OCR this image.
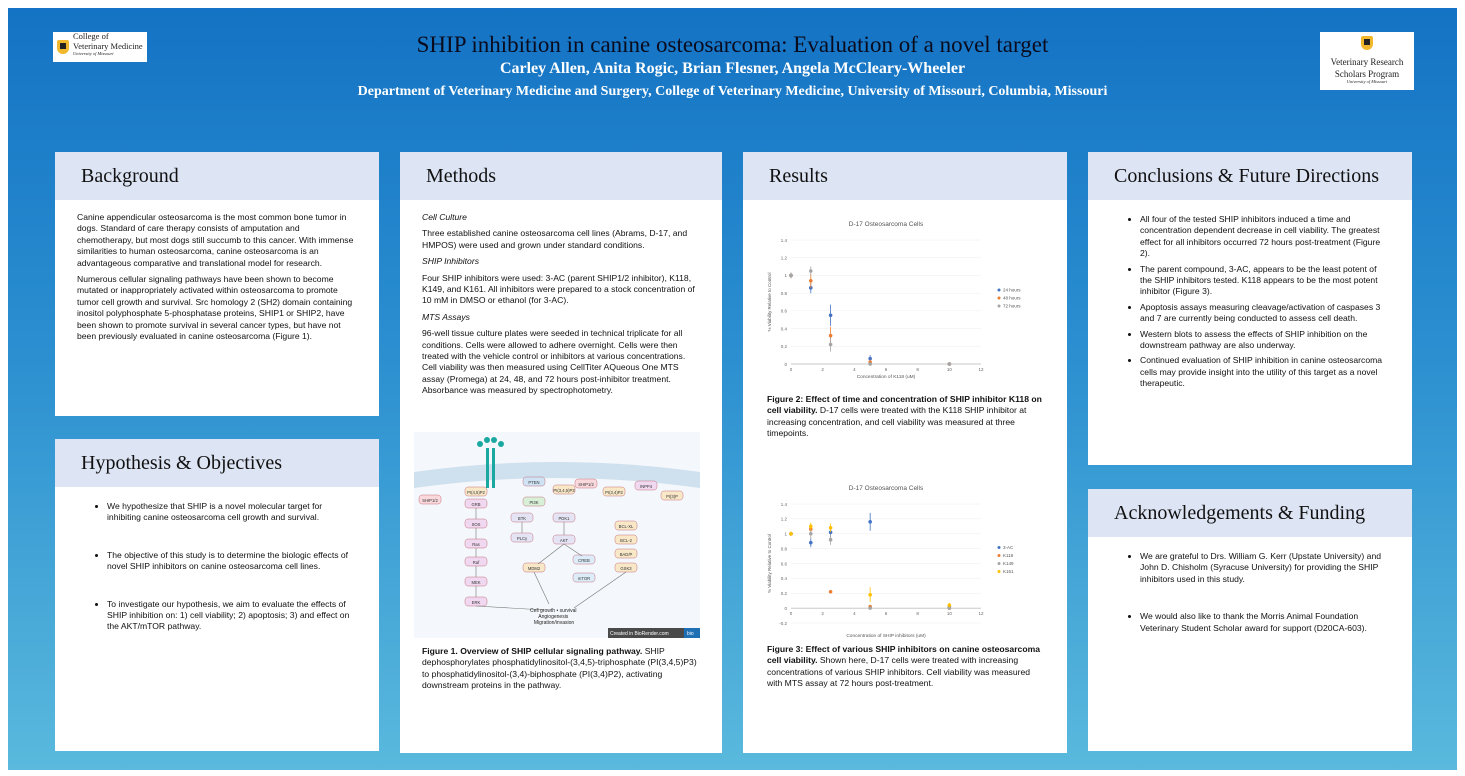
College of
Veterinary Medicine
University of Missouri
Veterinary Research
Scholars Program
University of Missouri
SHIP inhibition in canine osteosarcoma: Evaluation of a novel target
Carley Allen, Anita Rogic, Brian Flesner, Angela McCleary-Wheeler
Department of Veterinary Medicine and Surgery, College of Veterinary Medicine, University of Missouri, Columbia, Missouri
Background

Canine appendicular osteosarcoma is the most common bone tumor in dogs. Standard of care therapy consists of amputation and chemotherapy, but most dogs still succumb to this cancer. With immense similarities to human osteosarcoma, canine osteosarcoma is an advantageous comparative and translational model for research.

Numerous cellular signaling pathways have been shown to become mutated or inappropriately activated within osteosarcoma to promote tumor cell growth and survival. Src homology 2 (SH2) domain containing inositol polyphosphate 5-phosphatase proteins, SHIP1 or SHIP2, have been shown to promote survival in several cancer types, but have not been previously evaluated in canine osteosarcoma (Figure 1).

Hypothesis & Objectives
• We hypothesize that SHIP is a novel molecular target for inhibiting canine osteosarcoma cell growth and survival.
• The objective of this study is to determine the biologic effects of novel SHIP inhibitors on canine osteosarcoma cell lines.
• To investigate our hypothesis, we aim to evaluate the effects of SHIP inhibition on: 1) cell viability; 2) apoptosis; 3) and effect on the AKT/mTOR pathway.
Methods

Cell Culture

Three established canine osteosarcoma cell lines (Abrams, D-17, and HMPOS) were used and grown under standard conditions.

SHIP Inhibitors

Four SHIP inhibitors were used: 3-AC (parent SHIP1/2 inhibitor), K118, K149, and K161. All inhibitors were prepared to a stock concentration of 10 mM in DMSO or ethanol (for 3-AC).

MTS Assays

96-well tissue culture plates were seeded in technical triplicate for all conditions. Cells were allowed to adhere overnight. Cells were then treated with the vehicle control or inhibitors at various concentrations. Cell viability was then measured using CellTiter AQueous One MTS assay (Promega) at 24, 48, and 72 hours post-inhibitor treatment. Absorbance was measured by spectrophotometry.

SHIP1/2
PI(4,5)P2
PTEN
PI(3,4,5)P3
PI3K
SHIP1/2
PI(3,4)P2
INPP4
PI(3)P
GRB
SOS
Ras
Raf
MEK
ERK
BTK
PLCγ
PDK1
AKT
MDM2
CREB
mTOR
BCL-XL
BCL-2
BAD/P
GSK3
Created in BioRender.com	bio
Cell growth • survival Angiogenesis Migration/invasion
Figure 1. Overview of SHIP cellular signaling pathway. SHIP dephosphorylates phosphatidylinositol-(3,4,5)-triphosphate (PI(3,4,5)P3) to phosphatidylinositol-(3,4)-biphosphate (PI(3,4)P2), activating downstream proteins in the pathway.
Results
D-17 Osteosarcoma Cells
0
0.2
0.4
0.6
0.8
1
1.2
1.4
0	2	4	6	8	10	12
Concentration of K118 (uM)
% Viability Relative to Control	24 hours
48 hours
72 hours
Figure 2: Effect of time and concentration of SHIP inhibitor K118 on cell viability. D-17 cells were treated with the K118 SHIP inhibitor at increasing concentration, and cell viability was measured at three timepoints.
D-17 Osteosarcoma Cells
-0.2
0
0.2
0.4
0.6
0.8
1
1.2
1.4
0	2	4	6	8	10	12
Concentration of SHIP inhibitors (uM)
% Viability Relative to Control	3-AC
K118
K149
K161
Figure 3: Effect of various SHIP inhibitors on canine osteosarcoma cell viability. Shown here, D-17 cells were treated with increasing concentrations of various SHIP inhibitors. Cell viability was measured with MTS assay at 72 hours post-treatment.
Conclusions & Future Directions
• All four of the tested SHIP inhibitors induced a time and concentration dependent decrease in cell viability. The greatest effect for all inhibitors occurred 72 hours post-treatment (Figure 2).
• The parent compound, 3-AC, appears to be the least potent of the SHIP inhibitors tested. K118 appears to be the most potent inhibitor (Figure 3).
• Apoptosis assays measuring cleavage/activation of caspases 3 and 7 are currently being conducted to assess cell death.
• Western blots to assess the effects of SHIP inhibition on the downstream pathway are also underway.
• Continued evaluation of SHIP inhibition in canine osteosarcoma cells may provide insight into the utility of this target as a novel therapeutic.
Acknowledgements & Funding
• We are grateful to Drs. William G. Kerr (Upstate University) and John D. Chisholm (Syracuse University) for providing the SHIP inhibitors used in this study.
• We would also like to thank the Morris Animal Foundation Veterinary Student Scholar award for support (D20CA-603).
